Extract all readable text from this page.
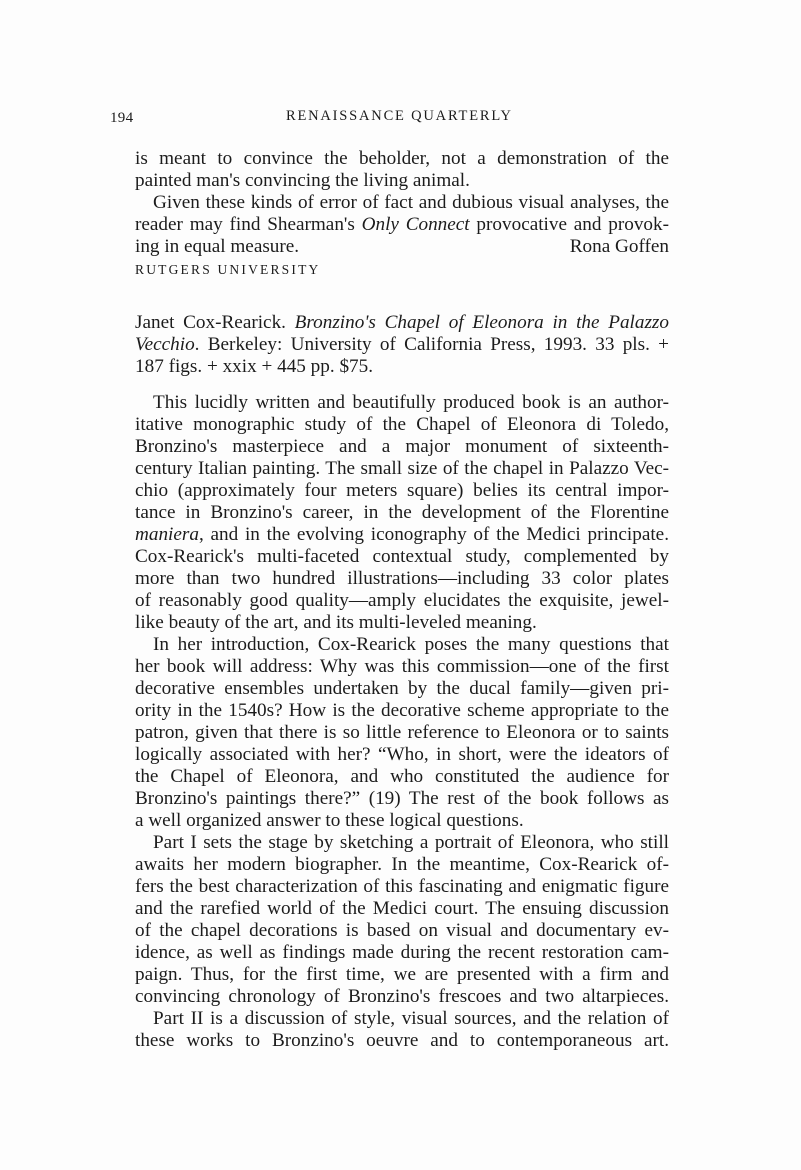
194	RENAISSANCE QUARTERLY
is meant to convince the beholder, not a demonstration of the
painted man's convincing the living animal.
Given these kinds of error of fact and dubious visual analyses, the
reader may find Shearman's Only Connect provocative and provok-
ing in equal measure.	Rona Goffen
RUTGERS UNIVERSITY
Janet Cox-Rearick. Bronzino's Chapel of Eleonora in the Palazzo
Vecchio. Berkeley: University of California Press, 1993. 33 pls. +
187 figs. + xxix + 445 pp. $75.
This lucidly written and beautifully produced book is an author-
itative monographic study of the Chapel of Eleonora di Toledo,
Bronzino's masterpiece and a major monument of sixteenth-
century Italian painting. The small size of the chapel in Palazzo Vec-
chio (approximately four meters square) belies its central impor-
tance in Bronzino's career, in the development of the Florentine
maniera, and in the evolving iconography of the Medici principate.
Cox-Rearick's multi-faceted contextual study, complemented by
more than two hundred illustrations—including 33 color plates
of reasonably good quality—amply elucidates the exquisite, jewel-
like beauty of the art, and its multi-leveled meaning.
In her introduction, Cox-Rearick poses the many questions that
her book will address: Why was this commission—one of the first
decorative ensembles undertaken by the ducal family—given pri-
ority in the 1540s? How is the decorative scheme appropriate to the
patron, given that there is so little reference to Eleonora or to saints
logically associated with her? “Who, in short, were the ideators of
the Chapel of Eleonora, and who constituted the audience for
Bronzino's paintings there?” (19) The rest of the book follows as
a well organized answer to these logical questions.
Part I sets the stage by sketching a portrait of Eleonora, who still
awaits her modern biographer. In the meantime, Cox-Rearick of-
fers the best characterization of this fascinating and enigmatic figure
and the rarefied world of the Medici court. The ensuing discussion
of the chapel decorations is based on visual and documentary ev-
idence, as well as findings made during the recent restoration cam-
paign. Thus, for the first time, we are presented with a firm and
convincing chronology of Bronzino's frescoes and two altarpieces.
Part II is a discussion of style, visual sources, and the relation of
these works to Bronzino's oeuvre and to contemporaneous art.
